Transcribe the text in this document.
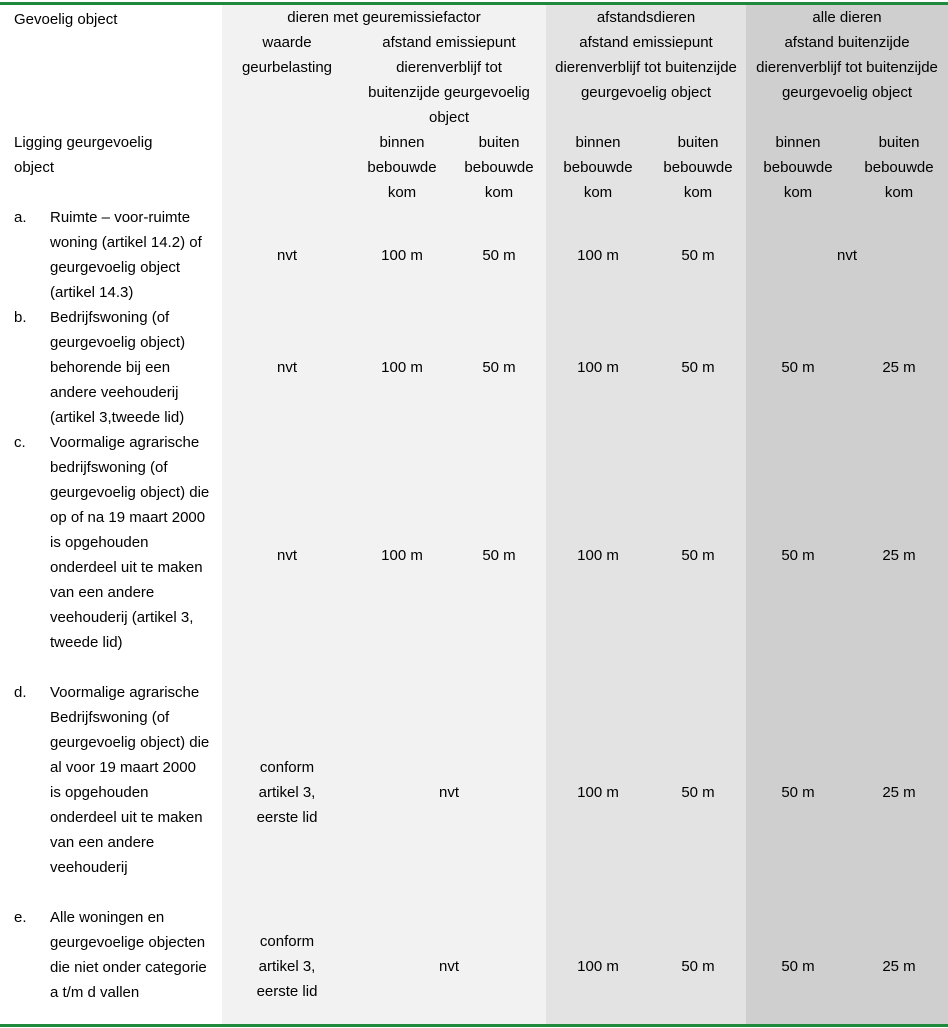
Gevoelig object	dieren met geuremissiefactor			afstandsdieren		alle dieren	
	waarde geurbelasting	afstand emissiepunt dierenverblijf tot buitenzijde geurgevoelig object		afstand emissiepunt dierenverblijf tot buitenzijde geurgevoelig object		afstand buitenzijde dierenverblijf tot buitenzijde geurgevoelig object	
Ligging geurgevoelig object		binnen bebouwde kom	buiten bebouwde kom	binnen bebouwde kom	buiten bebouwde kom	binnen bebouwde kom	buiten bebouwde kom

a. Ruimte – voor-ruimte woning (artikel 14.2) of geurgevoelig object (artikel 14.3)	nvt	100 m	50 m	100 m	50 m	nvt	

b. Bedrijfswoning (of geurgevoelig object) behorende bij een andere veehouderij (artikel 3,tweede lid)	nvt	100 m	50 m	100 m	50 m	50 m	25 m

c. Voormalige agrarische bedrijfswoning (of geurgevoelig object) die op of na 19 maart 2000 is opgehouden onderdeel uit te maken van een andere veehouderij (artikel 3, tweede lid)	nvt	100 m	50 m	100 m	50 m	50 m	25 m

d. Voormalige agrarische Bedrijfswoning (of geurgevoelig object) die al voor 19 maart 2000 is opgehouden onderdeel uit te maken van een andere veehouderij	conform artikel 3, eerste lid	nvt		100 m	50 m	50 m	25 m

e. Alle woningen en geurgevoelige objecten die niet onder categorie a t/m d vallen	conform artikel 3, eerste lid	nvt		100 m	50 m	50 m	25 m
